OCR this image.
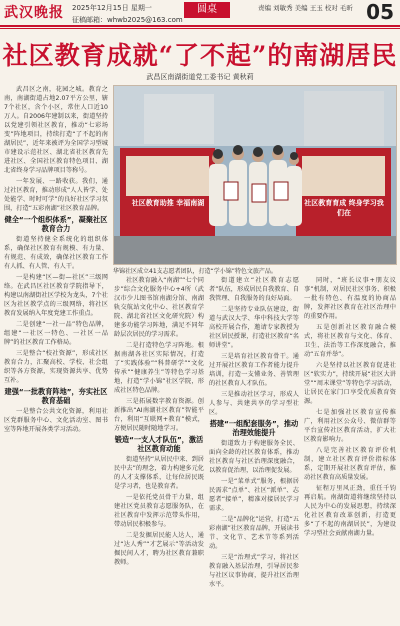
武汉晚报 2025年12月15日 星期一
征稿邮箱：whwb2025@163.com
圆桌	责编 刘敏秀 美编 王玉 校对 毛昕 05
社区教育成就“了不起”的南湖居民
武昌区南湖街道党工委书记 黄秋莉
社区教育助推 幸福南湖	社区教育育成 终身学习我们在
华锦社区成立41支志愿者团队，打造“学小锦”特色文旅产品。

武昌区之南，花园之城。教育之南，南湖街道占地2.07平方公里，辖7个社区，含个小区，常住人口近10万人。自2006年建制以来，街道坚持以党建引领社区教育，推动“七彩场变”阵地项目，持续打造“了不起的南湖居民”，近年来被评为全国学习型城市建设示范社区、湖北省社区教育先进社区、全国社区教育特色项目、湖北省终身学习品牌项目等称号。

一年发展、一路收获。我们，通过社区教育，推动形成“人人皆学、处处能学、时时可学”的良好社区学习氛围，打造“五彩南湖”社区教育品牌。

健全“一个组织体系”，凝聚社区教育合力

街道坚持健全系统化的组织体系，确保社区教育有规模、有力量、有规范、有成效，确保社区教育工作有人抓、有人管、有人干。

一是构建“区—街—社区”三级网络。在武昌区社区教育学院指导下，构建以南湖街社区学校为龙头，7个社区为社区教学点的三级网络，将社区教育发展纳入年度党建工作重点。

二是创建“一社一品”特色品牌，组建“一社区一特色、一社区一品牌”的社区教育工作格局。

三是整合“校社资源”，形成社区教育合力，汇聚高校、学校、社会组织等各方资源，实现资源共享、优势互补。

建强“一批教育阵地”，夯实社区教育基础

一是整合公共文化资源，利用社区党群服务中心、文化活动室、图书室等阵地开展各类学习活动。

社区教育融入“南湖”“七个同步”综合文化服务中心+4所（武汉市少儿图书馆南湖分馆、南湖轨交航站文化中心、社区教育学院、湖北省社区文化研究院）构建多功能学习阵地，满足不同年龄层次居民的学习需求。

二是打造特色学习阵地。根据南湖各社区实际情况，打造了“实践体验”“科普研学”“文化传承”“健康养生”等特色学习基地，打造“学小锦”社区学院，形成社区特色品牌。

三是拓展数字教育资源。创新推出“AI南湖社区教育”智能平台，利用“互联网+教育”模式，方便居民随时随地学习。

锻造“一支人才队伍”，激活社区教育动能

街道坚持“从居民中来、到居民中去”的理念，着力构建多元化的人才支撑体系，让每位居民既是学习者，也是教育者。

一是依托党员骨干力量，组建社区党员教育志愿服务队，在社区教育中发挥示范带头作用，带动居民积极参与。

二是发掘居民能人达人，通过“达人秀”“才艺展示”等活动发掘民间人才，聘为社区教育兼职教师。

街道建立“社区教育志愿者”队伍，形成居民自我教育、自我管理、自我服务的良好局面。

二是坚持专业队伍建设，街道与武汉大学、华中科技大学等高校开展合作，邀请专家教授为社区居民授课，打造社区教育“名师讲堂”。

三是培育社区教育骨干。通过开展社区教育工作者能力提升培训，打造一支懂业务、善管理的社区教育人才队伍。

三是推动社区学习，形成人人参与、共建共享的学习型社区。

搭建“一组配套服务”，推动治理效能提升

街道致力于构建服务全民、面向全龄的社区教育体系，推动社区教育与社区治理深度融合，以教育促治理，以治理促发展。

一是“菜单式”服务，根据居民需求“点单”、社区“派单”、志愿者“接单”，精准对接居民学习需求。

二是“品牌化”运营，打造“五彩南湖”社区教育品牌，开展读书节、文化节、艺术节等系列活动。

三是“治理式”学习，将社区教育融入基层治理，引导居民参与社区议事协商，提升社区治理水平。

同时，“班长议事+朋友议事”机制，对居民社区事务、积极一批有特色、有温度的协商品牌，发挥社区教育在社区治理中的重要作用。

五是创新社区教育融合模式，将社区教育与文化、体育、卫生、法治等工作深度融合，推动“五育并举”。

六是坚持以社区教育促进社区“软实力”，持续开展“社区大讲堂”“周末课堂”等特色学习活动，让居民在家门口享受优质教育资源。

七是加强社区教育宣传推广，利用社区公众号、微信群等平台宣传社区教育活动，扩大社区教育影响力。

八是完善社区教育评价机制，建立社区教育评价指标体系，定期开展社区教育评估，推动社区教育高质量发展。

征程万里风正劲，重任千钧再启航。南湖街道将继续坚持以人民为中心的发展思想，持续深化社区教育改革创新，打造更多“了不起的南湖居民”，为建设学习型社会贡献南湖力量。
